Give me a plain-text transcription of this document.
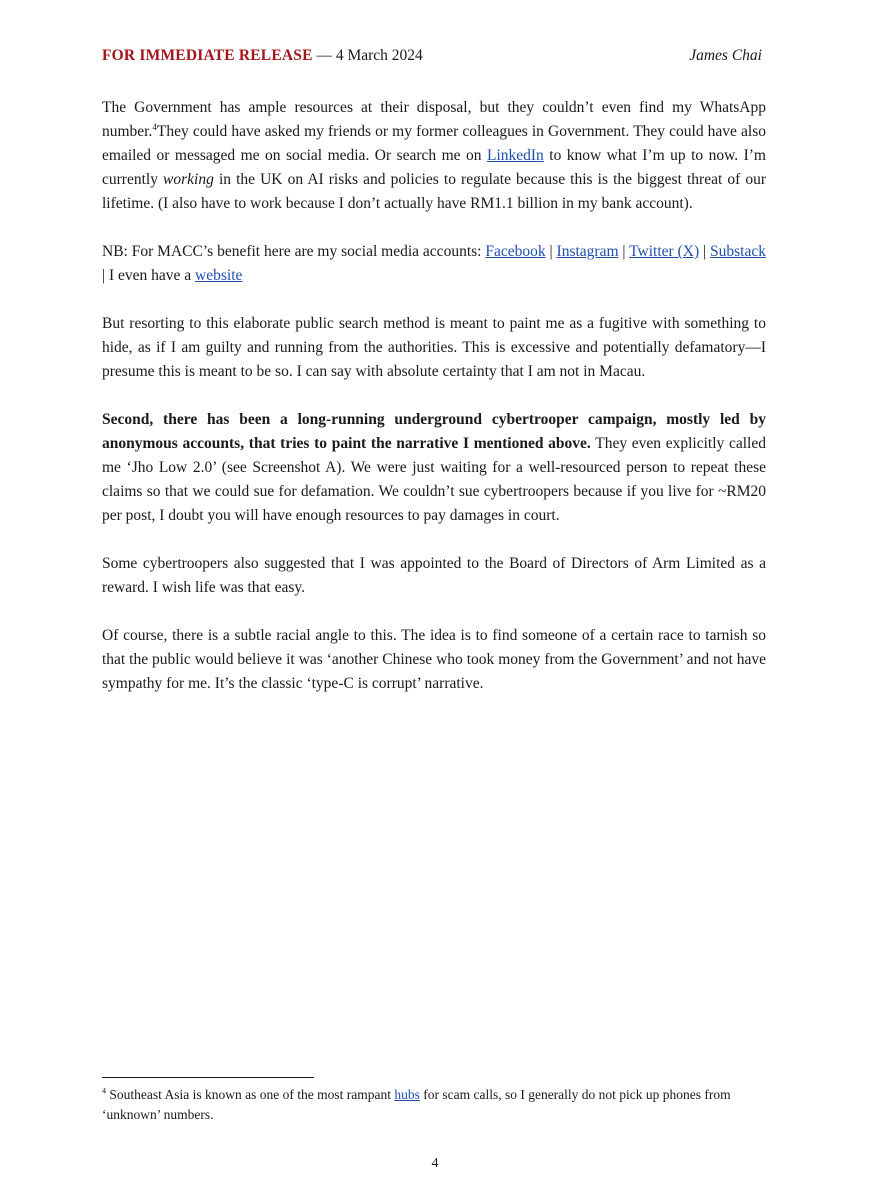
FOR IMMEDIATE RELEASE — 4 March 2024	James Chai

The Government has ample resources at their disposal, but they couldn’t even find my WhatsApp number.$^4$They could have asked my friends or my former colleagues in Government. They could have also emailed or messaged me on social media. Or search me on LinkedIn to know what I’m up to now. I’m currently working in the UK on AI risks and policies to regulate because this is the biggest threat of our lifetime. (I also have to work because I don’t actually have RM1.1 billion in my bank account).

NB: For MACC’s benefit here are my social media accounts: Facebook | Instagram | Twitter (X) | Substack | I even have a website

But resorting to this elaborate public search method is meant to paint me as a fugitive with something to hide, as if I am guilty and running from the authorities. This is excessive and potentially defamatory—I presume this is meant to be so. I can say with absolute certainty that I am not in Macau.

Second, there has been a long-running underground cybertrooper campaign, mostly led by anonymous accounts, that tries to paint the narrative I mentioned above. They even explicitly called me ‘Jho Low 2.0’ (see Screenshot A). We were just waiting for a well-resourced person to repeat these claims so that we could sue for defamation. We couldn’t sue cybertroopers because if you live for ~RM20 per post, I doubt you will have enough resources to pay damages in court.

Some cybertroopers also suggested that I was appointed to the Board of Directors of Arm Limited as a reward. I wish life was that easy.

Of course, there is a subtle racial angle to this. The idea is to find someone of a certain race to tarnish so that the public would believe it was ‘another Chinese who took money from the Government’ and not have sympathy for me. It’s the classic ‘type-C is corrupt’ narrative.

$^4$ Southeast Asia is known as one of the most rampant hubs for scam calls, so I generally do not pick up phones from ‘unknown’ numbers.
4
